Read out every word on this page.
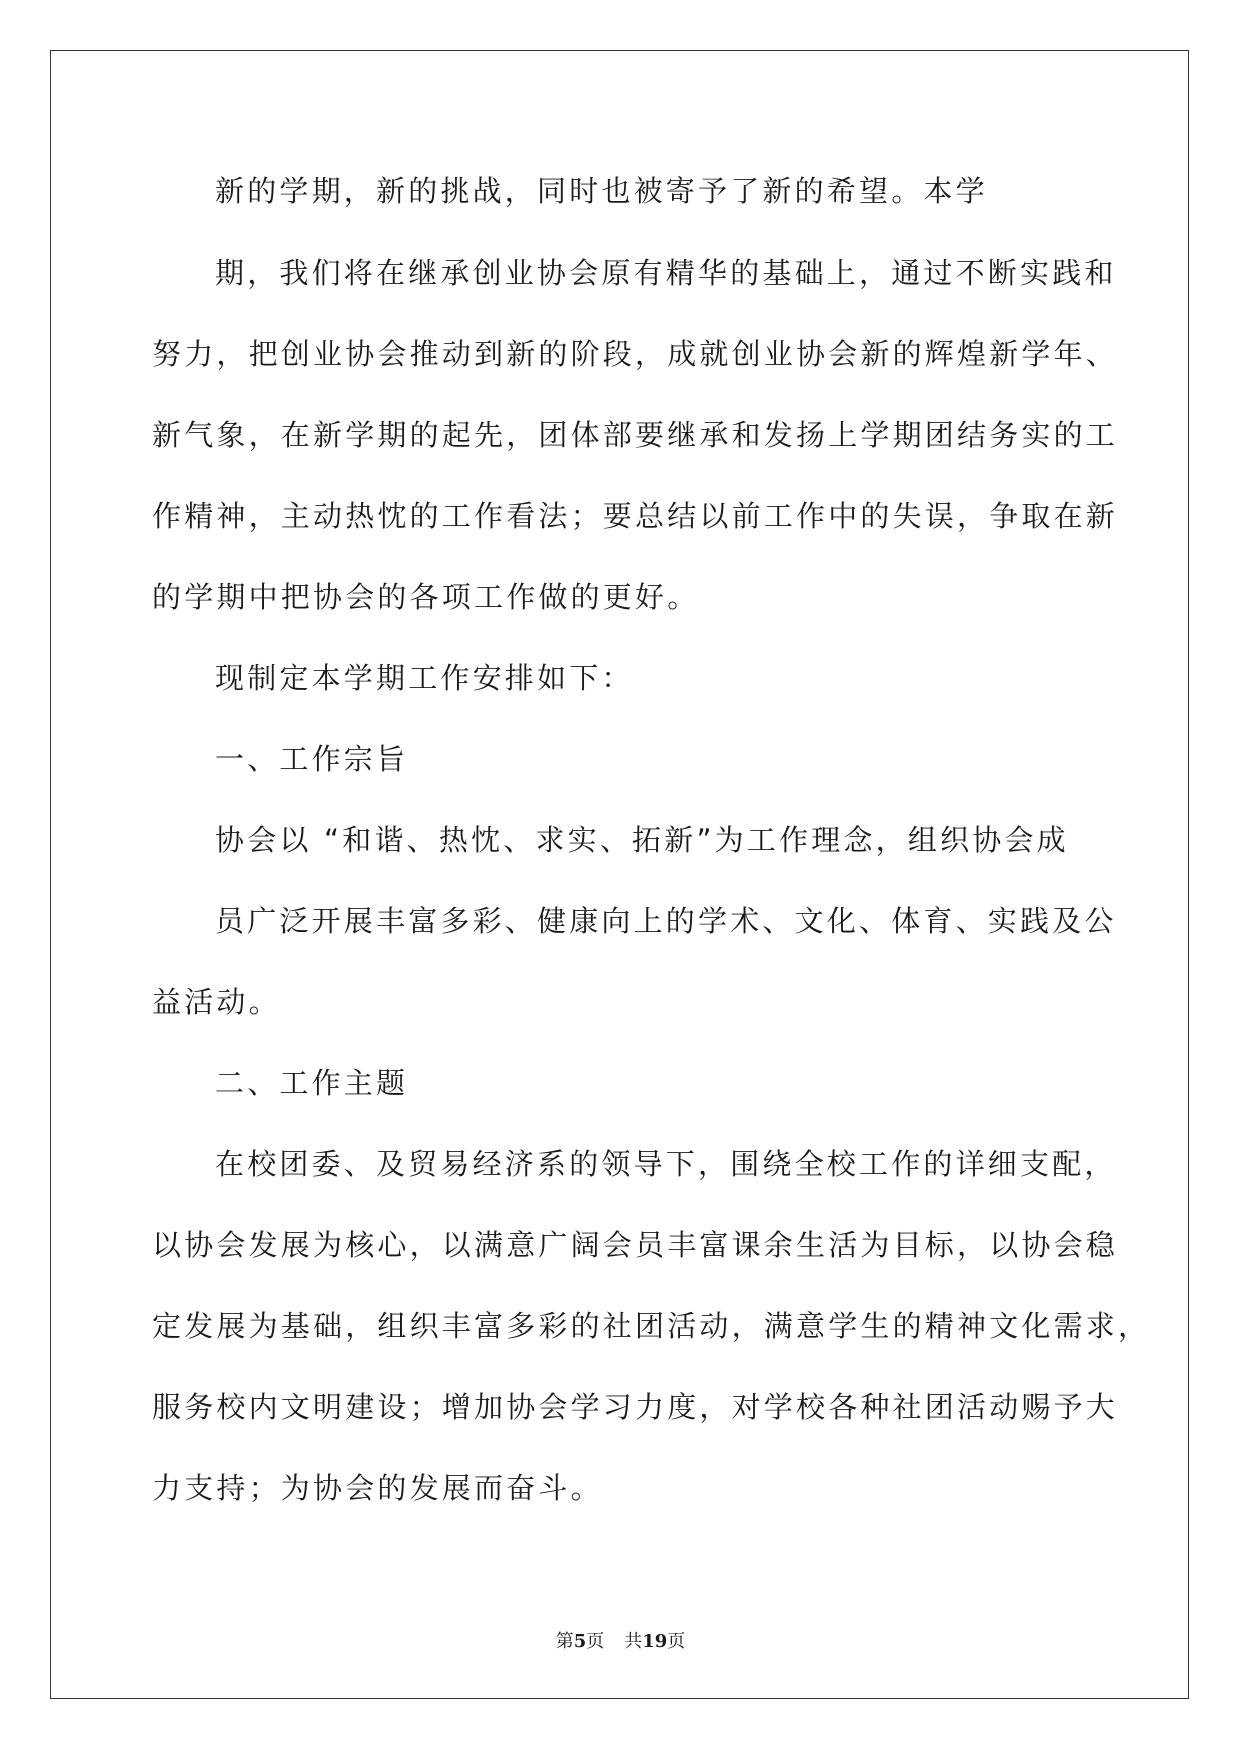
新的学期，新的挑战，同时也被寄予了新的希望。本学
期，我们将在继承创业协会原有精华的基础上，通过不断实践和
努力，把创业协会推动到新的阶段，成就创业协会新的辉煌新学年、
新气象，在新学期的起先，团体部要继承和发扬上学期团结务实的工
作精神，主动热忱的工作看法；要总结以前工作中的失误，争取在新
的学期中把协会的各项工作做的更好。
现制定本学期工作安排如下：
一、工作宗旨
协会以 “和谐、热忱、求实、拓新”为工作理念，组织协会成
员广泛开展丰富多彩、健康向上的学术、文化、体育、实践及公
益活动。
二、工作主题
在校团委、及贸易经济系的领导下，围绕全校工作的详细支配，
以协会发展为核心，以满意广阔会员丰富课余生活为目标，以协会稳
定发展为基础，组织丰富多彩的社团活动，满意学生的精神文化需求，
服务校内文明建设；增加协会学习力度，对学校各种社团活动赐予大
力支持；为协会的发展而奋斗。
第5页 共19页
